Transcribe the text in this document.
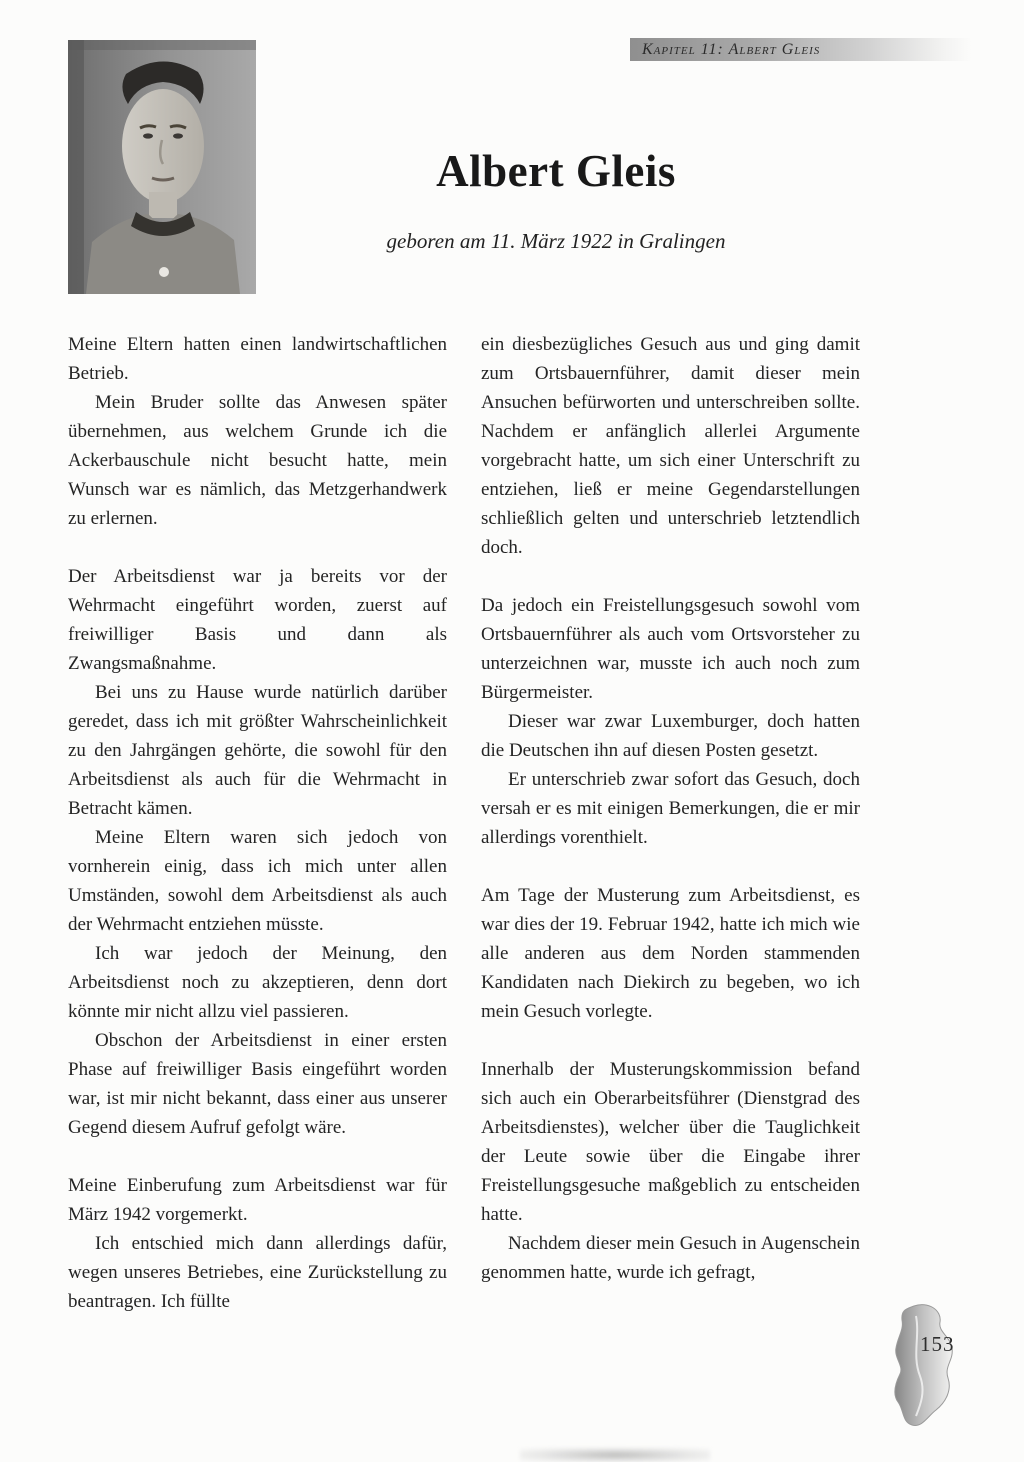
Kapitel 11: Albert Gleis
Albert Gleis
geboren am 11. März 1922 in Gralingen

Meine Eltern hatten einen landwirtschaftlichen Betrieb.

Mein Bruder sollte das Anwesen später übernehmen, aus welchem Grunde ich die Ackerbauschule nicht besucht hatte, mein Wunsch war es nämlich, das Metzgerhandwerk zu erlernen.

Der Arbeitsdienst war ja bereits vor der Wehrmacht eingeführt worden, zuerst auf freiwilliger Basis und dann als Zwangsmaßnahme.

Bei uns zu Hause wurde natürlich darüber geredet, dass ich mit größter Wahrscheinlichkeit zu den Jahrgängen gehörte, die sowohl für den Arbeitsdienst als auch für die Wehrmacht in Betracht kämen.

Meine Eltern waren sich jedoch von vornherein einig, dass ich mich unter allen Umständen, sowohl dem Arbeitsdienst als auch der Wehrmacht entziehen müsste.

Ich war jedoch der Meinung, den Arbeitsdienst noch zu akzeptieren, denn dort könnte mir nicht allzu viel passieren.

Obschon der Arbeitsdienst in einer ersten Phase auf freiwilliger Basis eingeführt worden war, ist mir nicht bekannt, dass einer aus unserer Gegend diesem Aufruf gefolgt wäre.

Meine Einberufung zum Arbeitsdienst war für März 1942 vorgemerkt.

Ich entschied mich dann allerdings dafür, wegen unseres Betriebes, eine Zurückstellung zu beantragen. Ich füllte

ein diesbezügliches Gesuch aus und ging damit zum Ortsbauernführer, damit dieser mein Ansuchen befürworten und unterschreiben sollte. Nachdem er anfänglich allerlei Argumente vorgebracht hatte, um sich einer Unterschrift zu entziehen, ließ er meine Gegendarstellungen schließlich gelten und unterschrieb letztendlich doch.

Da jedoch ein Freistellungsgesuch sowohl vom Ortsbauernführer als auch vom Ortsvorsteher zu unterzeichnen war, musste ich auch noch zum Bürgermeister.

Dieser war zwar Luxemburger, doch hatten die Deutschen ihn auf diesen Posten gesetzt.

Er unterschrieb zwar sofort das Gesuch, doch versah er es mit einigen Bemerkungen, die er mir allerdings vorenthielt.

Am Tage der Musterung zum Arbeitsdienst, es war dies der 19. Februar 1942, hatte ich mich wie alle anderen aus dem Norden stammenden Kandidaten nach Diekirch zu begeben, wo ich mein Gesuch vorlegte.

Innerhalb der Musterungskommission befand sich auch ein Oberarbeitsführer (Dienstgrad des Arbeitsdienstes), welcher über die Tauglichkeit der Leute sowie über die Eingabe ihrer Freistellungsgesuche maßgeblich zu entscheiden hatte.

Nachdem dieser mein Gesuch in Augenschein genommen hatte, wurde ich gefragt,

153
